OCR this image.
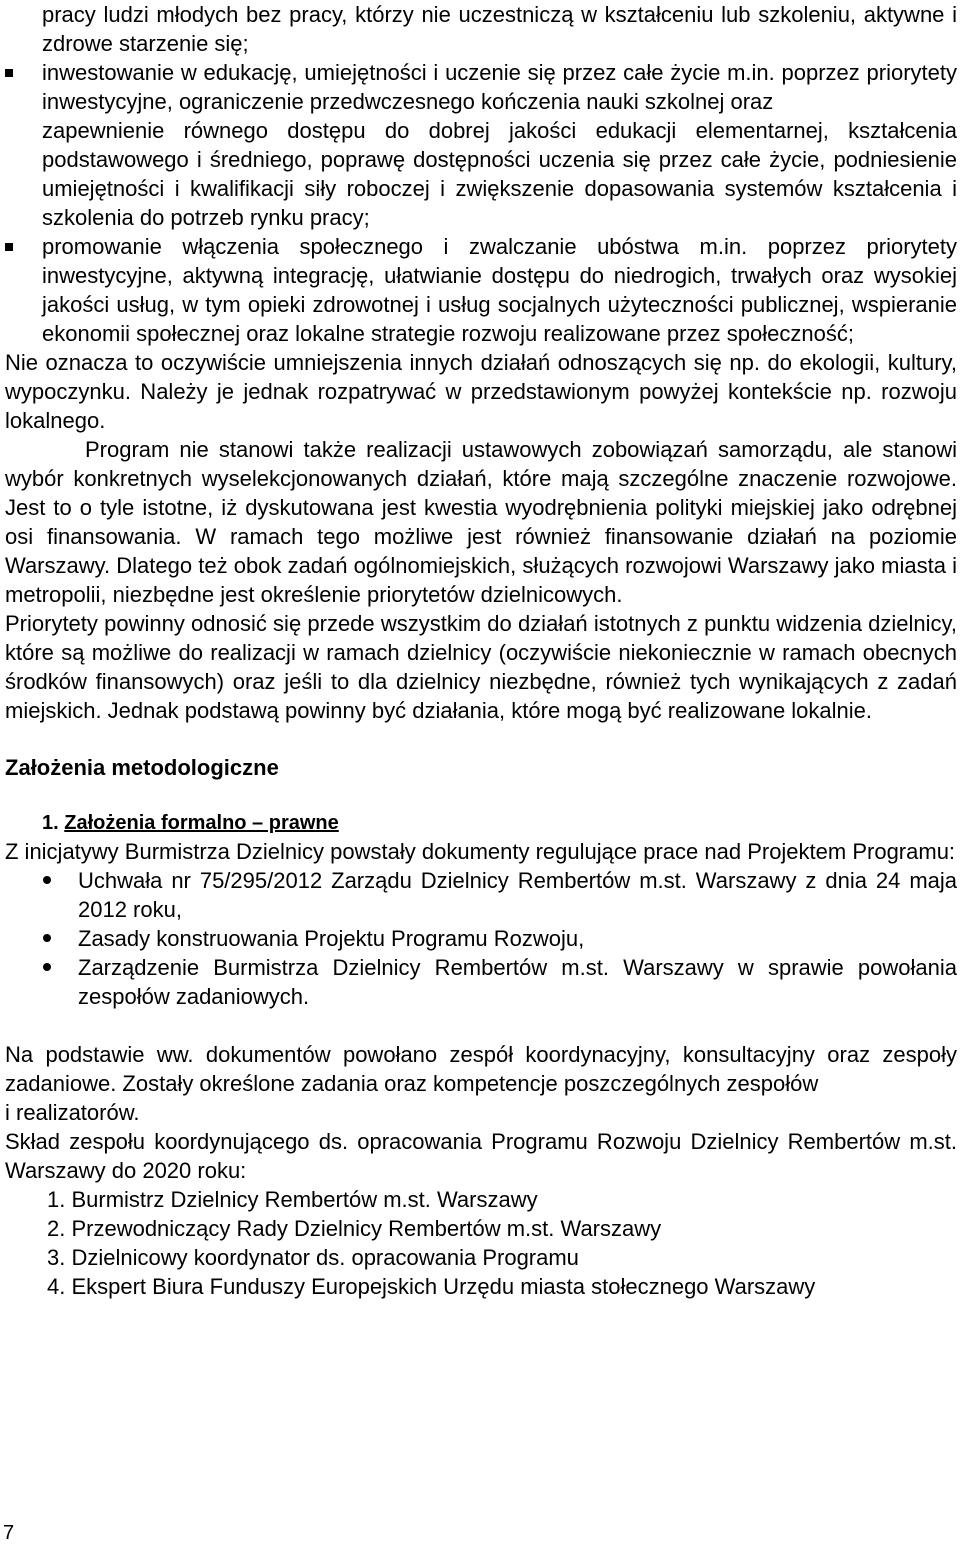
pracy ludzi młodych bez pracy, którzy nie uczestniczą w kształceniu lub szkoleniu, aktywne i zdrowe starzenie się;

inwestowanie w edukację, umiejętności i uczenie się przez całe życie m.in. poprzez priorytety inwestycyjne, ograniczenie przedwczesnego kończenia nauki szkolnej oraz

zapewnienie równego dostępu do dobrej jakości edukacji elementarnej, kształcenia podstawowego i średniego, poprawę dostępności uczenia się przez całe życie, podniesienie umiejętności i kwalifikacji siły roboczej i zwiększenie dopasowania systemów kształcenia i szkolenia do potrzeb rynku pracy;

promowanie włączenia społecznego i zwalczanie ubóstwa m.in. poprzez priorytety inwestycyjne, aktywną integrację, ułatwianie dostępu do niedrogich, trwałych oraz wysokiej jakości usług, w tym opieki zdrowotnej i usług socjalnych użyteczności publicznej, wspieranie ekonomii społecznej oraz lokalne strategie rozwoju realizowane przez społeczność;

Nie oznacza to oczywiście umniejszenia innych działań odnoszących się np. do ekologii, kultury, wypoczynku. Należy je jednak rozpatrywać w przedstawionym powyżej kontekście np. rozwoju lokalnego.

Program nie stanowi także realizacji ustawowych zobowiązań samorządu, ale stanowi wybór konkretnych wyselekcjonowanych działań, które mają szczególne znaczenie rozwojowe. Jest to o tyle istotne, iż dyskutowana jest kwestia wyodrębnienia polityki miejskiej jako odrębnej osi finansowania. W ramach tego możliwe jest również finansowanie działań na poziomie Warszawy. Dlatego też obok zadań ogólnomiejskich, służących rozwojowi Warszawy jako miasta i metropolii, niezbędne jest określenie priorytetów dzielnicowych.

Priorytety powinny odnosić się przede wszystkim do działań istotnych z punktu widzenia dzielnicy, które są możliwe do realizacji w ramach dzielnicy (oczywiście niekoniecznie w ramach obecnych środków finansowych) oraz jeśli to dla dzielnicy niezbędne, również tych wynikających z zadań miejskich. Jednak podstawą powinny być działania, które mogą być realizowane lokalnie.

Założenia metodologiczne
1. Założenia formalno – prawne

Z inicjatywy Burmistrza Dzielnicy powstały dokumenty regulujące prace nad Projektem Programu:

Uchwała nr 75/295/2012 Zarządu Dzielnicy Rembertów m.st. Warszawy z dnia 24 maja 2012 roku,
Zasady konstruowania Projektu Programu Rozwoju,
Zarządzenie Burmistrza Dzielnicy Rembertów m.st. Warszawy w sprawie powołania zespołów zadaniowych.

Na podstawie ww. dokumentów powołano zespół koordynacyjny, konsultacyjny oraz zespoły zadaniowe. Zostały określone zadania oraz kompetencje poszczególnych zespołów

i realizatorów.

Skład zespołu koordynującego ds. opracowania Programu Rozwoju Dzielnicy Rembertów m.st. Warszawy do 2020 roku:

1. Burmistrz Dzielnicy Rembertów m.st. Warszawy
2. Przewodniczący Rady Dzielnicy Rembertów m.st. Warszawy
3. Dzielnicowy koordynator ds. opracowania Programu
4. Ekspert Biura Funduszy Europejskich Urzędu miasta stołecznego Warszawy
7
